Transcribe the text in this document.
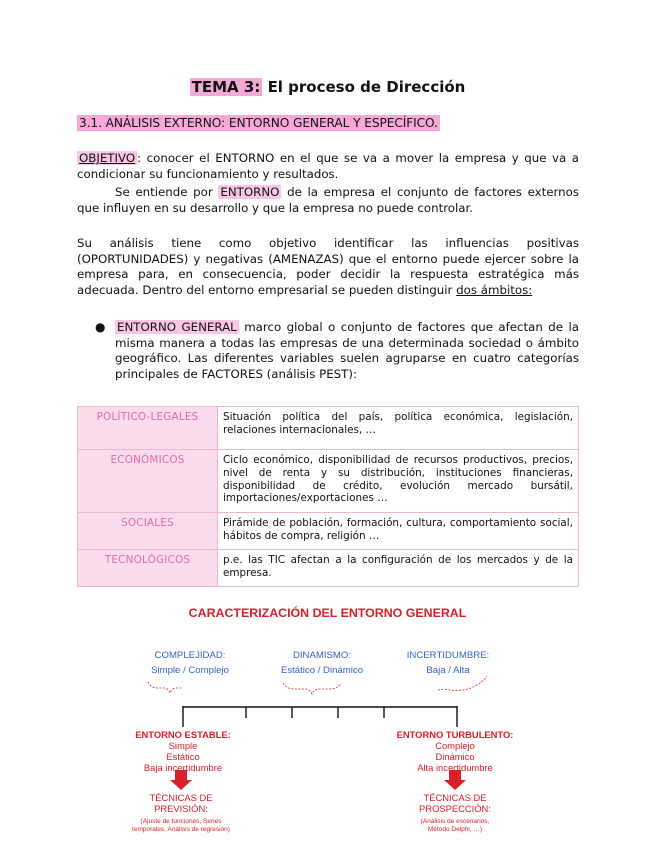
TEMA 3: El proceso de Dirección
3.1. ANÁLISIS EXTERNO: ENTORNO GENERAL Y ESPECÍFICO.
OBJETIVO : conocer el ENTORNO en el que se va a mover la empresa y que va a condicionar su funcionamiento y resultados.
Se entiende por ENTORNO de la empresa el conjunto de factores externos que influyen en su desarrollo y que la empresa no puede controlar.
Su análisis tiene como objetivo identificar las influencias positivas (OPORTUNIDADES) y negativas (AMENAZAS) que el entorno puede ejercer sobre la empresa para, en consecuencia, poder decidir la respuesta estratégica más adecuada. Dentro del entorno empresarial se pueden distinguir dos ámbitos:
● ENTORNO GENERAL marco global o conjunto de factores que afectan de la misma manera a todas las empresas de una determinada sociedad o ámbito geográfico. Las diferentes variables suelen agruparse en cuatro categorías principales de FACTORES (análisis PEST):
POLÍTICO-LEGALES	Situación política del país, política económica, legislación, relaciones internacionales, …
ECONÓMICOS	Ciclo económico, disponibilidad de recursos productivos, precios, nivel de renta y su distribución, instituciones financieras, disponibilidad de crédito, evolución mercado bursátil, importaciones/exportaciones …
SOCIALES	Pirámide de población, formación, cultura, comportamiento social, hábitos de compra, religión …
TECNOLÓGICOS	p.e. las TIC afectan a la configuración de los mercados y de la empresa.
CARACTERIZACIÓN DEL ENTORNO GENERAL
COMPLEJIDAD:
Simple / Complejo
DINAMISMO:
Estático / Dinámico
INCERTIDUMBRE:
Baja / Alta
ENTORNO ESTABLE:
Simple
Estático
Baja incertidumbre
TÉCNICAS DE
PREVISIÓN:
(Ajuste de funciones, Series
temporales, Análisis de regresión)
ENTORNO TURBULENTO:
Complejo
Dinámico
Alta incertidumbre
TÉCNICAS DE
PROSPECCIÓN:
(Análisis de escenarios,
Método Delphi, …)
